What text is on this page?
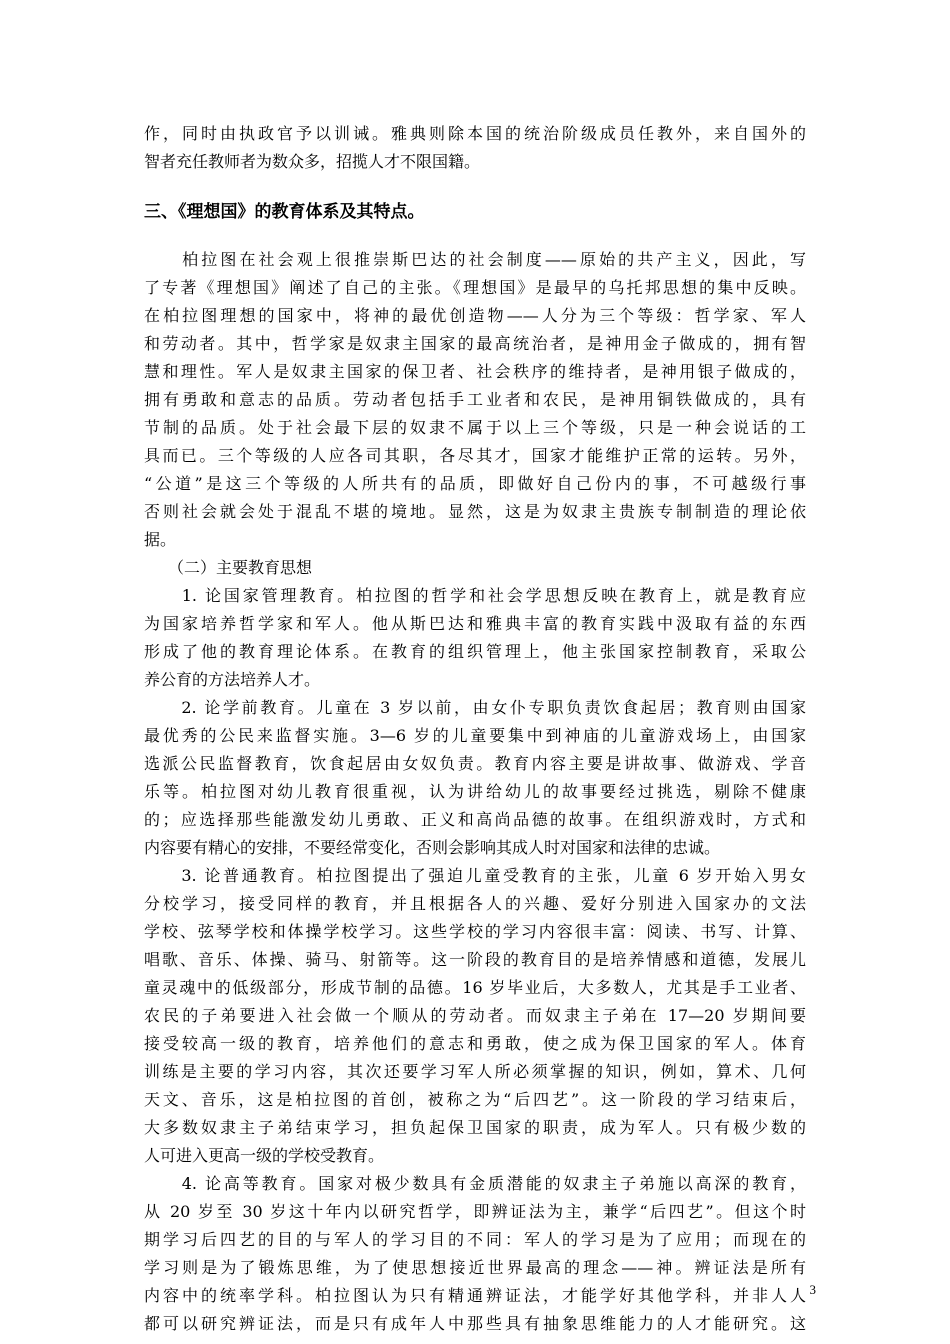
作，同时由执政官予以训诫。雅典则除本国的统治阶级成员任教外，来自国外的
智者充任教师者为数众多，招揽人才不限国籍。
三、《理想国》的教育体系及其特点。
　　柏拉图在社会观上很推崇斯巴达的社会制度——原始的共产主义，因此，写
了专著《理想国》阐述了自己的主张。《理想国》是最早的乌托邦思想的集中反映。
在柏拉图理想的国家中，将神的最优创造物——人分为三个等级：哲学家、军人
和劳动者。其中，哲学家是奴隶主国家的最高统治者，是神用金子做成的，拥有智
慧和理性。军人是奴隶主国家的保卫者、社会秩序的维持者，是神用银子做成的，
拥有勇敢和意志的品质。劳动者包括手工业者和农民，是神用铜铁做成的，具有
节制的品质。处于社会最下层的奴隶不属于以上三个等级，只是一种会说话的工
具而已。三个等级的人应各司其职，各尽其才，国家才能维护正常的运转。另外，
“公道”是这三个等级的人所共有的品质，即做好自己份内的事，不可越级行事
否则社会就会处于混乱不堪的境地。显然，这是为奴隶主贵族专制制造的理论依
据。
　　（二）主要教育思想
　　1. 论国家管理教育。柏拉图的哲学和社会学思想反映在教育上，就是教育应
为国家培养哲学家和军人。他从斯巴达和雅典丰富的教育实践中汲取有益的东西
形成了他的教育理论体系。在教育的组织管理上，他主张国家控制教育，采取公
养公育的方法培养人才。
　　2. 论学前教育。儿童在 3 岁以前，由女仆专职负责饮食起居；教育则由国家
最优秀的公民来监督实施。3—6 岁的儿童要集中到神庙的儿童游戏场上，由国家
选派公民监督教育，饮食起居由女奴负责。教育内容主要是讲故事、做游戏、学音
乐等。柏拉图对幼儿教育很重视，认为讲给幼儿的故事要经过挑选，剔除不健康
的；应选择那些能激发幼儿勇敢、正义和高尚品德的故事。在组织游戏时，方式和
内容要有精心的安排，不要经常变化，否则会影响其成人时对国家和法律的忠诚。
　　3. 论普通教育。柏拉图提出了强迫儿童受教育的主张，儿童 6 岁开始入男女
分校学习，接受同样的教育，并且根据各人的兴趣、爱好分别进入国家办的文法
学校、弦琴学校和体操学校学习。这些学校的学习内容很丰富：阅读、书写、计算、
唱歌、音乐、体操、骑马、射箭等。这一阶段的教育目的是培养情感和道德，发展儿
童灵魂中的低级部分，形成节制的品德。16 岁毕业后，大多数人，尤其是手工业者、
农民的子弟要进入社会做一个顺从的劳动者。而奴隶主子弟在 17—20 岁期间要
接受较高一级的教育，培养他们的意志和勇敢，使之成为保卫国家的军人。体育
训练是主要的学习内容，其次还要学习军人所必须掌握的知识，例如，算术、几何
天文、音乐，这是柏拉图的首创，被称之为“后四艺”。这一阶段的学习结束后，
大多数奴隶主子弟结束学习，担负起保卫国家的职责，成为军人。只有极少数的
人可进入更高一级的学校受教育。
　　4. 论高等教育。国家对极少数具有金质潜能的奴隶主子弟施以高深的教育，
从 20 岁至 30 岁这十年内以研究哲学，即辨证法为主，兼学“后四艺”。但这个时
期学习后四艺的目的与军人的学习目的不同：军人的学习是为了应用；而现在的
学习则是为了锻炼思维，为了使思想接近世界最高的理念——神。辨证法是所有
内容中的统率学科。柏拉图认为只有精通辨证法，才能学好其他学科，并非人人
都可以研究辨证法，而是只有成年人中那些具有抽象思维能力的人才能研究。这
3
